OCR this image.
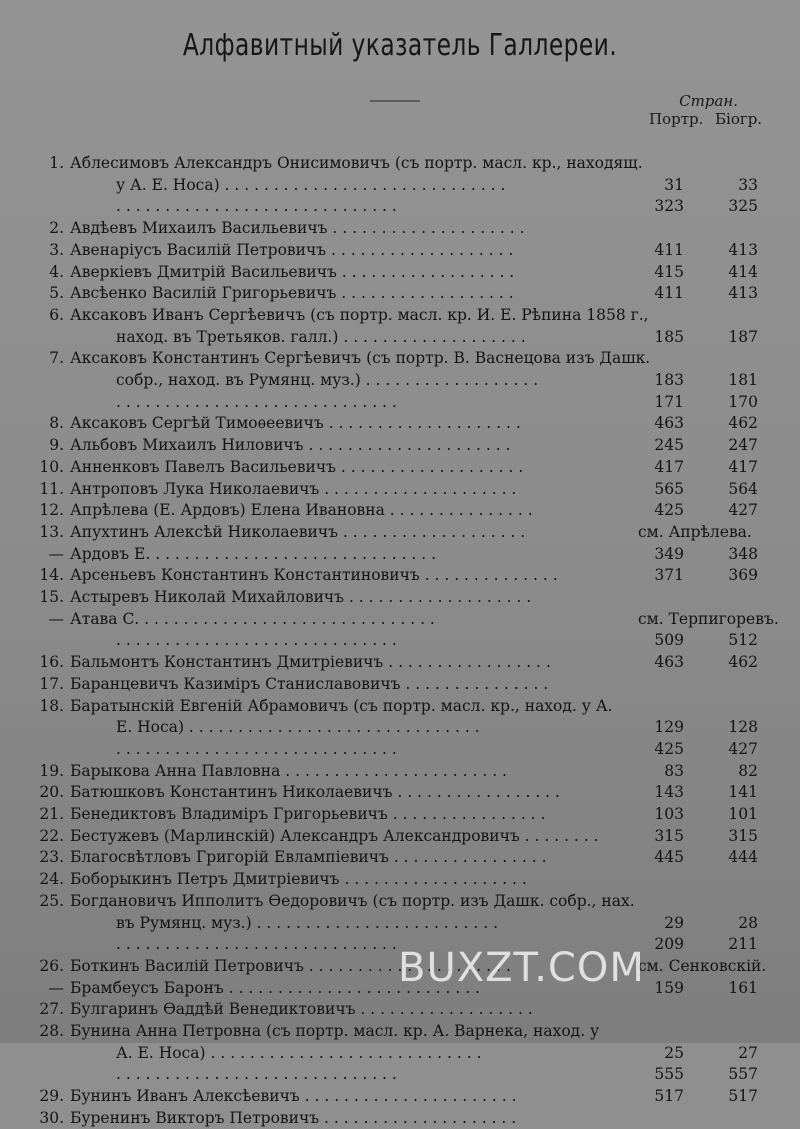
Алфавитный указатель Галлереи.
Стран.
Портр. Біогр.
1. Аблесимовъ Александръ Онисимовичъ (съ портр. масл. кр., находящ.
у А. Е. Носа) . . . . . . . . . . . . . . . . . . . . . . . . . . . . .	31	33
. . . . . . . . . . . . . . . . . . . . . . . . . . . . .	323	325
2. Авдѣевъ Михаилъ Васильевичъ . . . . . . . . . . . . . . . . . . . .
3. Авенаріусъ Василій Петровичъ . . . . . . . . . . . . . . . . . . .	411	413
4. Аверкіевъ Дмитрій Васильевичъ . . . . . . . . . . . . . . . . . .	415	414
5. Авсѣенко Василій Григорьевичъ . . . . . . . . . . . . . . . . . .	411	413
6. Аксаковъ Иванъ Сергѣевичъ (съ портр. масл. кр. И. Е. Рѣпина 1858 г.,
наход. въ Третьяков. галл.) . . . . . . . . . . . . . . . . . . .	185	187
7. Аксаковъ Константинъ Сергѣевичъ (съ портр. В. Васнецова изъ Дашк.
собр., наход. въ Румянц. муз.) . . . . . . . . . . . . . . . . . .	183	181
. . . . . . . . . . . . . . . . . . . . . . . . . . . . .	171	170
8. Аксаковъ Сергѣй Тимоѳеевичъ . . . . . . . . . . . . . . . . . . . .	463	462
9. Альбовъ Михаилъ Ниловичъ . . . . . . . . . . . . . . . . . . . . .	245	247
10. Анненковъ Павелъ Васильевичъ . . . . . . . . . . . . . . . . . . .	417	417
11. Антроповъ Лука Николаевичъ . . . . . . . . . . . . . . . . . . . .	565	564
12. Апрѣлева (Е. Ардовъ) Елена Ивановна . . . . . . . . . . . . . . .	425	427
13. Апухтинъ Алексѣй Николаевичъ . . . . . . . . . . . . . . . . . . .	см. Апрѣлева.
— Ардовъ Е. . . . . . . . . . . . . . . . . . . . . . . . . . . . . .	349	348
14. Арсеньевъ Константинъ Константиновичъ . . . . . . . . . . . . . .	371	369
15. Астыревъ Николай Михайловичъ . . . . . . . . . . . . . . . . . . .
— Атава С. . . . . . . . . . . . . . . . . . . . . . . . . . . . . . .	см. Терпигоревъ.
. . . . . . . . . . . . . . . . . . . . . . . . . . . . .	509	512
16. Бальмонтъ Константинъ Дмитріевичъ . . . . . . . . . . . . . . . . .	463	462
17. Баранцевичъ Казиміръ Станиславовичъ . . . . . . . . . . . . . . .
18. Баратынскій Евгеній Абрамовичъ (съ портр. масл. кр., наход. у А.
Е. Носа) . . . . . . . . . . . . . . . . . . . . . . . . . . . . . .	129	128
. . . . . . . . . . . . . . . . . . . . . . . . . . . . .	425	427
19. Барыкова Анна Павловна . . . . . . . . . . . . . . . . . . . . . . .	83	82
20. Батюшковъ Константинъ Николаевичъ . . . . . . . . . . . . . . . . .	143	141
21. Бенедиктовъ Владиміръ Григорьевичъ . . . . . . . . . . . . . . . .	103	101
22. Бестужевъ (Марлинскій) Александръ Александровичъ . . . . . . . .	315	315
23. Благосвѣтловъ Григорій Евлампіевичъ . . . . . . . . . . . . . . . .	445	444
24. Боборыкинъ Петръ Дмитріевичъ . . . . . . . . . . . . . . . . . . .
25. Богдановичъ Ипполитъ Ѳедоровичъ (съ портр. изъ Дашк. собр., нах.
въ Румянц. муз.) . . . . . . . . . . . . . . . . . . . . . . . . .	29	28
. . . . . . . . . . . . . . . . . . . . . . . . . . . . .	209	211
26. Боткинъ Василій Петровичъ . . . . . . . . . . . . . . . . . . . . .	см. Сенковскій.
— Брамбеусъ Баронъ . . . . . . . . . . . . . . . . . . . . . . . . . .	159	161
27. Булгаринъ Ѳаддѣй Венедиктовичъ . . . . . . . . . . . . . . . . . .
28. Бунина Анна Петровна (съ портр. масл. кр. А. Варнека, наход. у
А. Е. Носа) . . . . . . . . . . . . . . . . . . . . . . . . . . . .	25	27
. . . . . . . . . . . . . . . . . . . . . . . . . . . . .	555	557
29. Бунинъ Иванъ Алексѣевичъ . . . . . . . . . . . . . . . . . . . . . .	517	517
30. Буренинъ Викторъ Петровичъ . . . . . . . . . . . . . . . . . . . .
BUXZT.COM
